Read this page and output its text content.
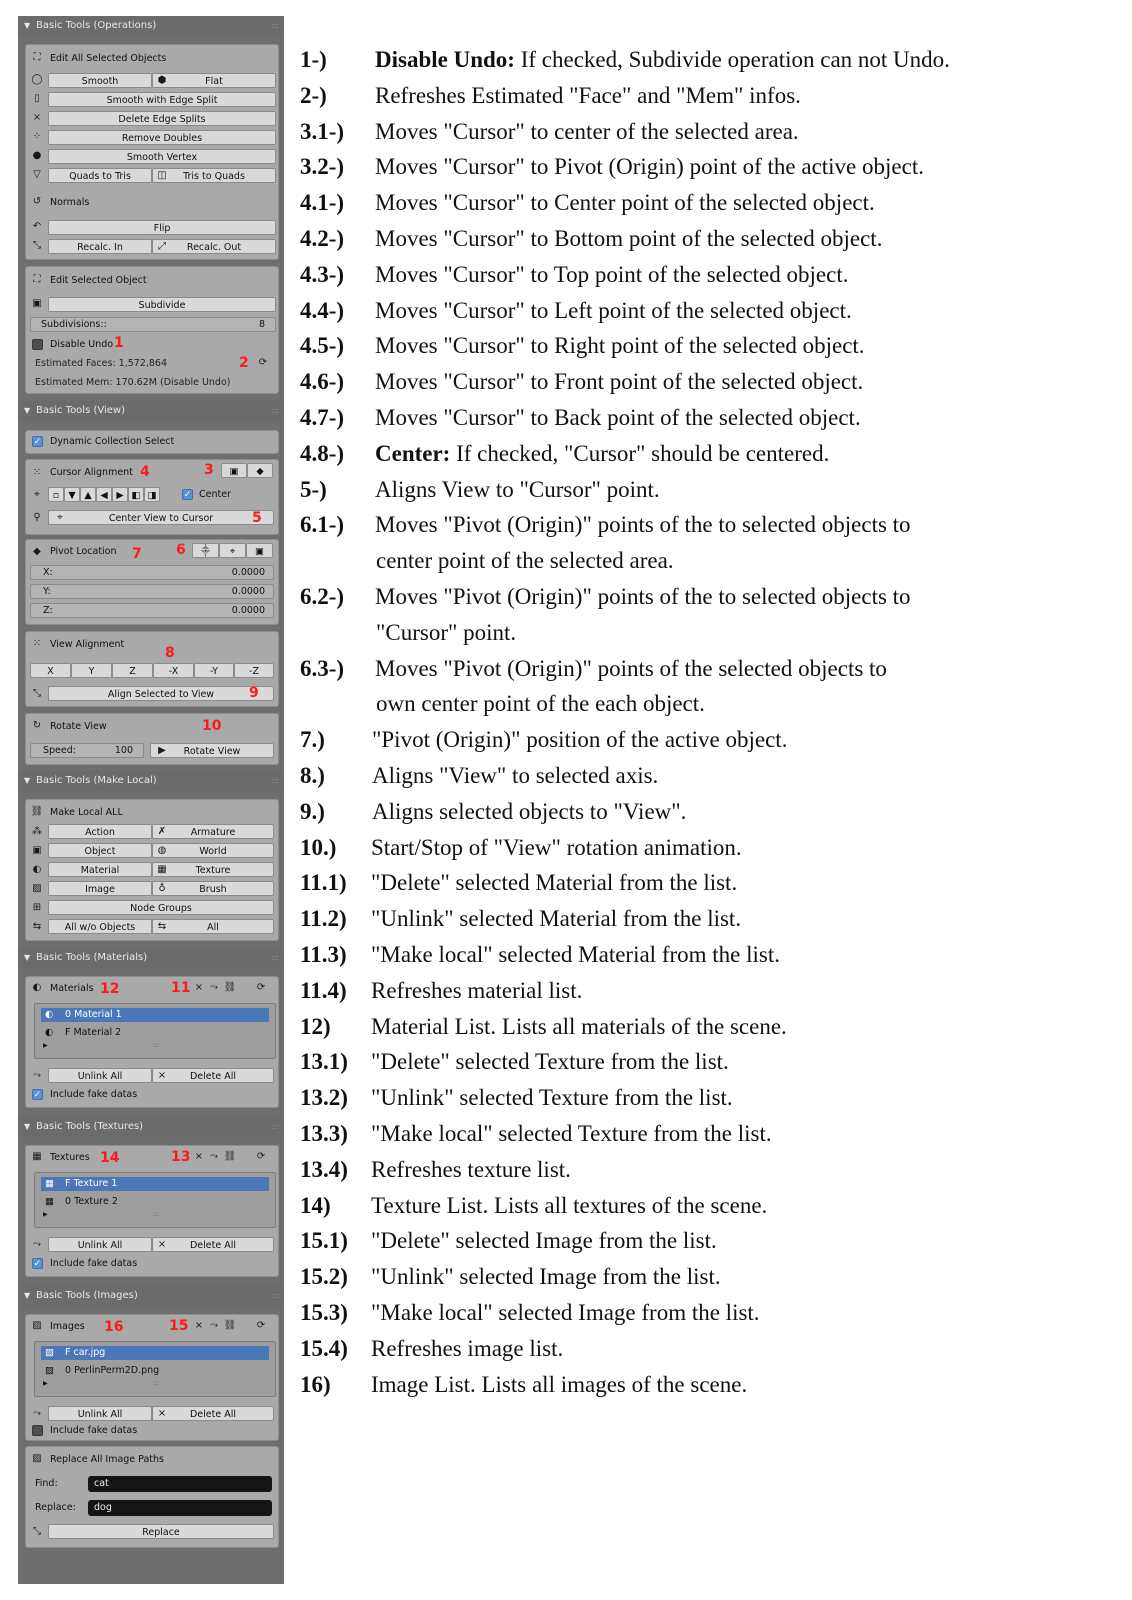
▼ Basic Tools (Operations)	::::
⛶	Edit All Selected Objects
◯	Smooth	⬢	Flat
▯	Smooth with Edge Split
×	Delete Edge Splits
⁘	Remove Doubles
●	Smooth Vertex
▽	Quads to Tris	◫ Tris to Quads
↺ Normals
↶	Flip
⤡	Recalc. In	⤢	Recalc. Out
⛶	Edit Selected Object
▣	Subdivide
Subdivisions::	8
Disable Undo 1
Estimated Faces: 1,572,864	2 ⟳
Estimated Mem: 170.62M (Disable Undo)
▼ Basic Tools (View)	::::
✓ Dynamic Collection Select
⁙ Cursor Alignment 4	3	▣	◆
⌖	▫ ▼ ▲ ◀ ▶ ◧ ◨	✓ Center
⚲	⌖	Center View to Cursor	5
◆ Pivot Location 7 6	⸎	⌖	▣
X:	0.0000
Y:	0.0000
Z:	0.0000
⁙ View Alignment
8
X	Y	Z	-X	-Y	-Z
⤡	Align Selected to View	9
↻ Rotate View	10
Speed:	100	▶	Rotate View
▼ Basic Tools (Make Local)	::::
⛓ Make Local ALL
⁂	Action	✗	Armature
▣	Object	◍	World
◐	Material	▦	Texture
▨	Image	♁	Brush
⊞	Node Groups
⇆	All w/o Objects	⇆	All
▼ Basic Tools (Materials)	::::
◐ Materials 12	11 × ⤳ ⛓ ⟳
◐ 0 Material 1
◐ F Material 2
▶	:::
⤳	Unlink All	×	Delete All
✓ Include fake datas
▼ Basic Tools (Textures)	::::
▦ Textures 14	13 × ⤳ ⛓ ⟳
▦ F Texture 1
▦ 0 Texture 2
▶	:::
⤳	Unlink All	×	Delete All
✓ Include fake datas
▼ Basic Tools (Images)	::::
▨ Images 16	15 × ⤳ ⛓ ⟳
▨ F car.jpg
▨ 0 PerlinPerm2D.png
▶	:::
⤳	Unlink All	×	Delete All
Include fake datas
▨ Replace All Image Paths
Find:	cat
Replace:	dog
⤡	Replace
1-) Disable Undo: If checked, Subdivide operation can not Undo.
2-) Refreshes Estimated "Face" and "Mem" infos.
3.1-) Moves "Cursor" to center of the selected area.
3.2-) Moves "Cursor" to Pivot (Origin) point of the active object.
4.1-) Moves "Cursor" to Center point of the selected object.
4.2-) Moves "Cursor" to Bottom point of the selected object.
4.3-) Moves "Cursor" to Top point of the selected object.
4.4-) Moves "Cursor" to Left point of the selected object.
4.5-) Moves "Cursor" to Right point of the selected object.
4.6-) Moves "Cursor" to Front point of the selected object.
4.7-) Moves "Cursor" to Back point of the selected object.
4.8-) Center: If checked, "Cursor" should be centered.
5-) Aligns View to "Cursor" point.
6.1-) Moves "Pivot (Origin)" points of the to selected objects to
center point of the selected area.
6.2-) Moves "Pivot (Origin)" points of the to selected objects to
"Cursor" point.
6.3-) Moves "Pivot (Origin)" points of the selected objects to
own center point of the each object.
7.) "Pivot (Origin)" position of the active object.
8.) Aligns "View" to selected axis.
9.) Aligns selected objects to "View".
10.) Start/Stop of "View" rotation animation.
11.1) "Delete" selected Material from the list.
11.2) "Unlink" selected Material from the list.
11.3) "Make local" selected Material from the list.
11.4) Refreshes material list.
12) Material List. Lists all materials of the scene.
13.1) "Delete" selected Texture from the list.
13.2) "Unlink" selected Texture from the list.
13.3) "Make local" selected Texture from the list.
13.4) Refreshes texture list.
14) Texture List. Lists all textures of the scene.
15.1) "Delete" selected Image from the list.
15.2) "Unlink" selected Image from the list.
15.3) "Make local" selected Image from the list.
15.4) Refreshes image list.
16) Image List. Lists all images of the scene.
